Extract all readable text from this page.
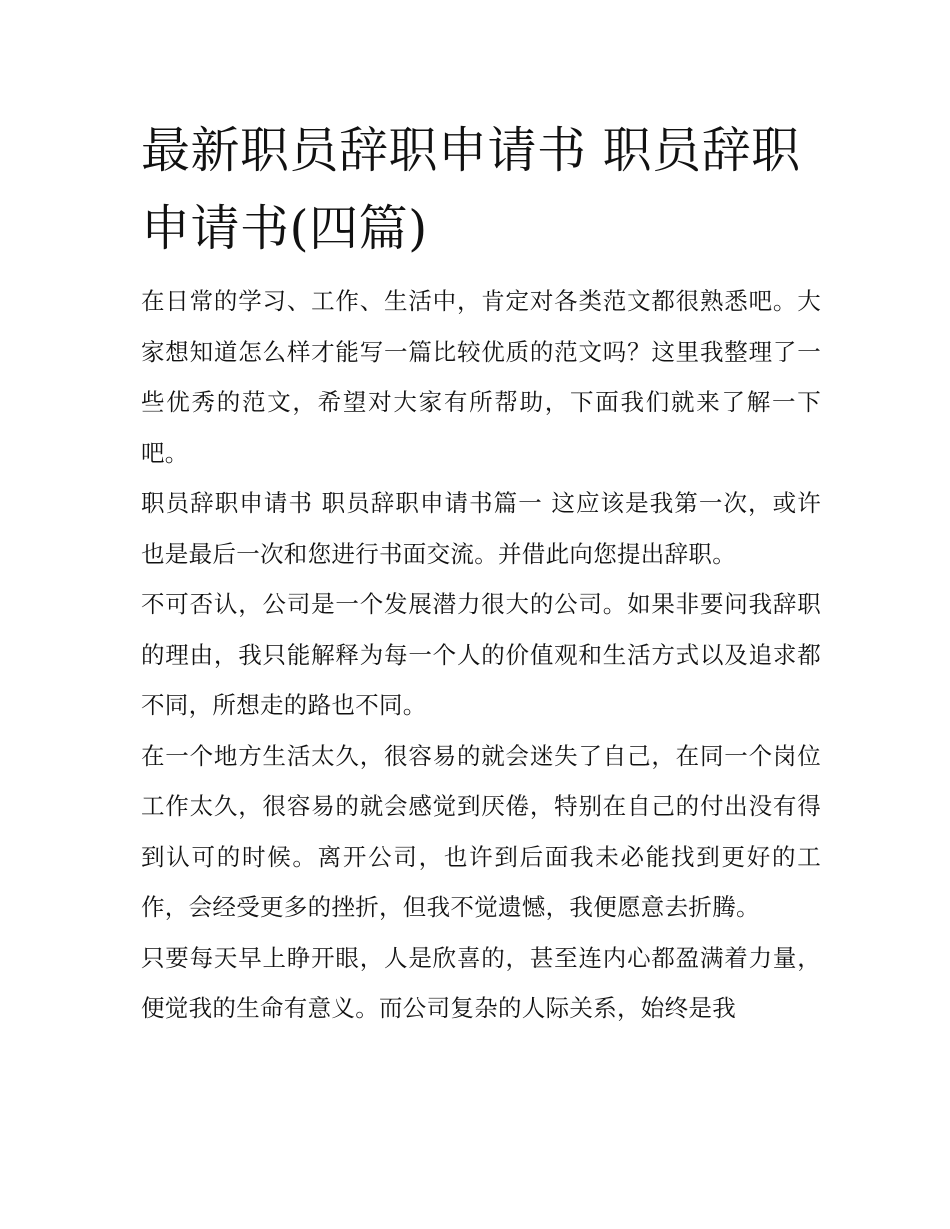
最新职员辞职申请书 职员辞职申请书(四篇)

在日常的学习、工作、生活中，肯定对各类范文都很熟悉吧。大家想知道怎么样才能写一篇比较优质的范文吗？这里我整理了一些优秀的范文，希望对大家有所帮助，下面我们就来了解一下吧。

职员辞职申请书 职员辞职申请书篇一 这应该是我第一次，或许也是最后一次和您进行书面交流。并借此向您提出辞职。

不可否认，公司是一个发展潜力很大的公司。如果非要问我辞职的理由，我只能解释为每一个人的价值观和生活方式以及追求都不同，所想走的路也不同。

在一个地方生活太久，很容易的就会迷失了自己，在同一个岗位工作太久，很容易的就会感觉到厌倦，特别在自己的付出没有得到认可的时候。离开公司，也许到后面我未必能找到更好的工作，会经受更多的挫折，但我不觉遗憾，我便愿意去折腾。

只要每天早上睁开眼，人是欣喜的，甚至连内心都盈满着力量，便觉我的生命有意义。而公司复杂的人际关系，始终是我
